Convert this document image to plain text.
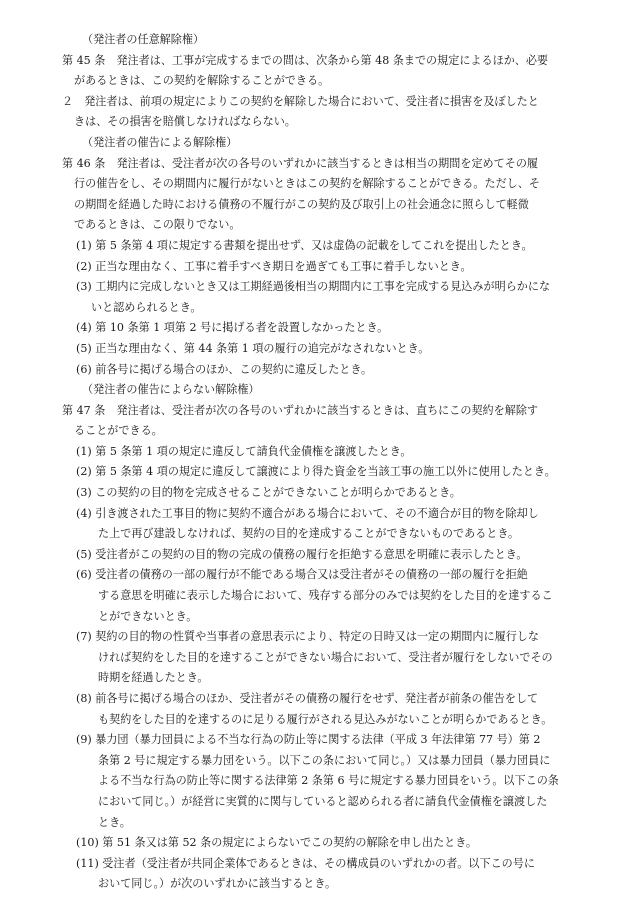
（発注者の任意解除権）
第 45 条　発注者は、工事が完成するまでの間は、次条から第 48 条までの規定によるほか、必要
があるときは、この契約を解除することができる。
２　発注者は、前項の規定によりこの契約を解除した場合において、受注者に損害を及ぼしたと
きは、その損害を賠償しなければならない。
（発注者の催告による解除権）
第 46 条　発注者は、受注者が次の各号のいずれかに該当するときは相当の期間を定めてその履
行の催告をし、その期間内に履行がないときはこの契約を解除することができる。ただし、そ
の期間を経過した時における債務の不履行がこの契約及び取引上の社会通念に照らして軽微
であるときは、この限りでない。
(1) 第 5 条第 4 項に規定する書類を提出せず、又は虚偽の記載をしてこれを提出したとき。
(2) 正当な理由なく、工事に着手すべき期日を過ぎても工事に着手しないとき。
(3) 工期内に完成しないとき又は工期経過後相当の期間内に工事を完成する見込みが明らかにな
いと認められるとき。
(4) 第 10 条第 1 項第 2 号に掲げる者を設置しなかったとき。
(5) 正当な理由なく、第 44 条第 1 項の履行の追完がなされないとき。
(6) 前各号に掲げる場合のほか、この契約に違反したとき。
（発注者の催告によらない解除権）
第 47 条　発注者は、受注者が次の各号のいずれかに該当するときは、直ちにこの契約を解除す
ることができる。
(1) 第 5 条第 1 項の規定に違反して請負代金債権を譲渡したとき。
(2) 第 5 条第 4 項の規定に違反して譲渡により得た資金を当該工事の施工以外に使用したとき。
(3) この契約の目的物を完成させることができないことが明らかであるとき。
(4) 引き渡された工事目的物に契約不適合がある場合において、その不適合が目的物を除却し
た上で再び建設しなければ、契約の目的を達成することができないものであるとき。
(5) 受注者がこの契約の目的物の完成の債務の履行を拒絶する意思を明確に表示したとき。
(6) 受注者の債務の一部の履行が不能である場合又は受注者がその債務の一部の履行を拒絶
する意思を明確に表示した場合において、残存する部分のみでは契約をした目的を達するこ
とができないとき。
(7) 契約の目的物の性質や当事者の意思表示により、特定の日時又は一定の期間内に履行しな
ければ契約をした目的を達することができない場合において、受注者が履行をしないでその
時期を経過したとき。
(8) 前各号に掲げる場合のほか、受注者がその債務の履行をせず、発注者が前条の催告をして
も契約をした目的を達するのに足りる履行がされる見込みがないことが明らかであるとき。
(9) 暴力団（暴力団員による不当な行為の防止等に関する法律（平成 3 年法律第 77 号）第 2
条第 2 号に規定する暴力団をいう。以下この条において同じ。）又は暴力団員（暴力団員に
よる不当な行為の防止等に関する法律第 2 条第 6 号に規定する暴力団員をいう。以下この条
において同じ。）が経営に実質的に関与していると認められる者に請負代金債権を譲渡した
とき。
(10) 第 51 条又は第 52 条の規定によらないでこの契約の解除を申し出たとき。
(11) 受注者（受注者が共同企業体であるときは、その構成員のいずれかの者。以下この号に
おいて同じ。）が次のいずれかに該当するとき。
